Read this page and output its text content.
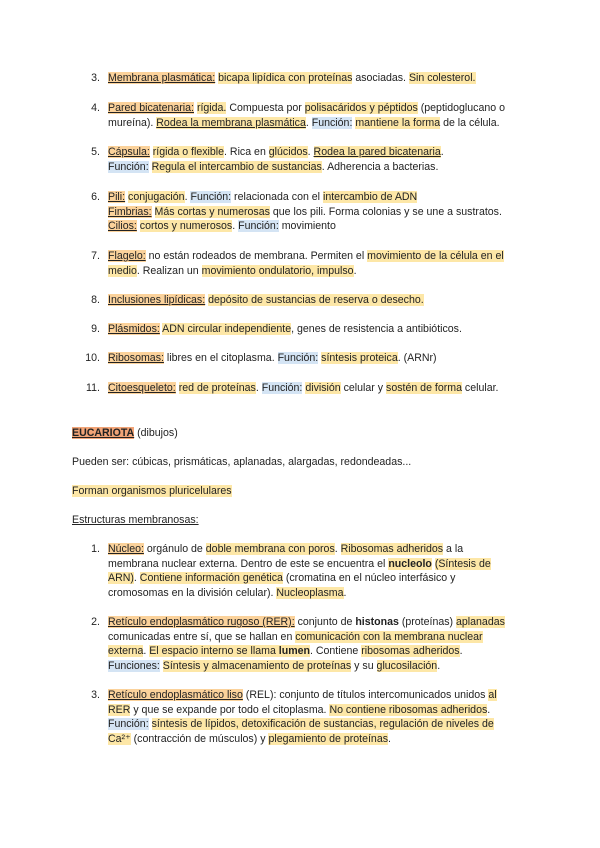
3. Membrana plasmática: bicapa lipídica con proteínas asociadas. Sin colesterol.
4. Pared bicatenaria: rígida. Compuesta por polisacáridos y péptidos (peptidoglucano o
mureína). Rodea la membrana plasmática. Función: mantiene la forma de la célula.
5. Cápsula: rígida o flexible. Rica en glúcidos. Rodea la pared bicatenaria.
Función: Regula el intercambio de sustancias. Adherencia a bacterias.
6. Pili: conjugación. Función: relacionada con el intercambio de ADN
Fimbrias: Más cortas y numerosas que los pili. Forma colonias y se une a sustratos.
Cilios: cortos y numerosos. Función: movimiento
7. Flagelo: no están rodeados de membrana. Permiten el movimiento de la célula en el
medio. Realizan un movimiento ondulatorio, impulso.
8. Inclusiones lipídicas: depósito de sustancias de reserva o desecho.
9. Plásmidos: ADN circular independiente, genes de resistencia a antibióticos.
10. Ribosomas: libres en el citoplasma. Función: síntesis proteica. (ARNr)
11. Citoesqueleto: red de proteínas. Función: división celular y sostén de forma celular.
EUCARIOTA (dibujos)
Pueden ser: cúbicas, prismáticas, aplanadas, alargadas, redondeadas...
Forman organismos pluricelulares
Estructuras membranosas:
1. Núcleo: orgánulo de doble membrana con poros. Ribosomas adheridos a la
membrana nuclear externa. Dentro de este se encuentra el nucleolo (Síntesis de
ARN). Contiene información genética (cromatina en el núcleo interfásico y
cromosomas en la división celular). Nucleoplasma.
2. Retículo endoplasmático rugoso (RER): conjunto de histonas (proteínas) aplanadas
comunicadas entre sí, que se hallan en comunicación con la membrana nuclear
externa. El espacio interno se llama lumen. Contiene ribosomas adheridos.
Funciones: Síntesis y almacenamiento de proteínas y su glucosilación.
3. Retículo endoplasmático liso (REL): conjunto de títulos intercomunicados unidos al
RER y que se expande por todo el citoplasma. No contiene ribosomas adheridos.
Función: síntesis de lípidos, detoxificación de sustancias, regulación de niveles de
Ca²⁺ (contracción de músculos) y plegamiento de proteínas.
